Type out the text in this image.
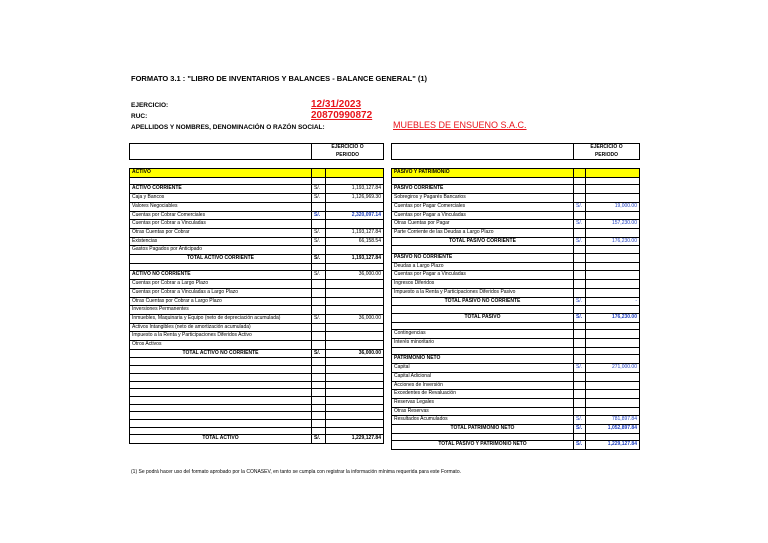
FORMATO 3.1 : "LIBRO DE INVENTARIOS Y BALANCES - BALANCE GENERAL" (1)
EJERCICIO:	12/31/2023
RUC:	20870990872
APELLIDOS Y NOMBRES, DENOMINACIÓN O RAZÓN SOCIAL:	MUEBLES DE ENSUENO S.A.C.

EJERCICIO O
PERIODO

EJERCICIO O
PERIODO
ACTIVO		

ACTIVO CORRIENTE	S/.	1,193,127.84
Caja y Bancos	S/.	1,126,969.30
Valores Negociables		
Cuentas por Cobrar Comerciales	S/.	2,320,097.14
Cuentas por Cobrar a Vinculadas		
Otras Cuentas por Cobrar	S/.	1,193,127.84
Existencias	S/.	66,158.54
Gastos Pagados por Anticipado		
TOTAL ACTIVO CORRIENTE	S/.	1,193,127.84

ACTIVO NO CORRIENTE	S/.	36,000.00
Cuentas por Cobrar a Largo Plazo		
Cuentas por Cobrar a Vinculadas a Largo Plazo		
Otras Cuentas por Cobrar a Largo Plazo		
Inversiones Permanentes		
Inmuebles, Maquinaria y Equipo (neto de depreciación acumulada)	S/.	36,000.00
Activos Intangibles (neto de amortización acumulada)		
Impuesto a la Renta y Participaciones Diferidos Activo		
Otros Activos		
TOTAL ACTIVO NO CORRIENTE	S/.	36,000.00

TOTAL ACTIVO	S/.	1,229,127.84
PASIVO Y PATRIMONIO		

PASIVO CORRIENTE		
Sobregiros y Pagarés Bancarios		
Cuentas por Pagar Comerciales	S/.	19,000.00
Cuentas por Pagar a Vinculadas		
Otras Cuentas por Pagar	S/.	157,230.00
Parte Corriente de las Deudas a Largo Plazo		
TOTAL PASIVO CORRIENTE	S/.	176,230.00

PASIVO NO CORRIENTE		
Deudas a Largo Plazo		
Cuentas por Pagar a Vinculadas		
Ingresos Diferidos		
Impuesto a la Renta y Participaciones Diferidos Pasivo		
TOTAL PASIVO NO CORRIENTE	S/.	-

TOTAL PASIVO	S/.	176,230.00

Contingencias		
Interés minoritario		

PATRIMONIO NETO		
Capital	S/.	271,000.00
Capital Adicional		
Acciones de Inversión		
Excedentes de Revaluación		
Reservas Legales		
Otras Reservas		
Resultados Acumulados	S/.	781,897.84
TOTAL PATRIMONIO NETO	S/.	1,052,897.84

TOTAL PASIVO Y PATRIMONIO NETO	S/.	1,229,127.84
(1) Se podrá hacer uso del formato aprobado por la CONASEV, en tanto se cumpla con registrar la información mínima requerida para este Formato.
